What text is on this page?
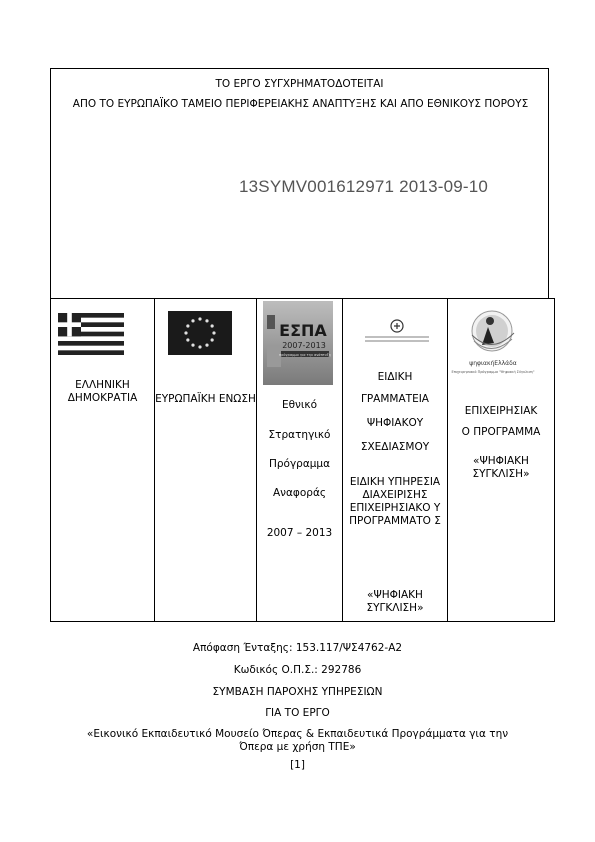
ΤΟ ΕΡΓΟ ΣΥΓΧΡΗΜΑΤΟΔΟΤΕΙΤΑΙ
ΑΠΟ ΤΟ ΕΥΡΩΠΑΪΚΟ ΤΑΜΕΙΟ ΠΕΡΙΦΕΡΕΙΑΚΗΣ ΑΝΑΠΤΥΞΗΣ ΚΑΙ ΑΠΟ ΕΘΝΙΚΟΥΣ ΠΟΡΟΥΣ
13SYMV001612971 2013-09-10
ΕΛΛΗΝΙΚΗ ΔΗΜΟΚΡΑΤΙΑ	ΕΥΡΩΠΑΪΚΗ ΕΝΩΣΗ
ΕΣΠΑ
2007-2013
πρόγραμμα για την ανάπτυξη
Εθνικό
Στρατηγικό
Πρόγραμμα
Αναφοράς
2007 – 2013
ΕΙΔΙΚΗ
ΓΡΑΜΜΑΤΕΙΑ
ΨΗΦΙΑΚΟΥ
ΣΧΕΔΙΑΣΜΟΥ
ΕΙΔΙΚΗ ΥΠΗΡΕΣΙΑ ΔΙΑΧΕΙΡΙΣΗΣ ΕΠΙΧΕΙΡΗΣΙΑΚΟ Υ ΠΡΟΓΡΑΜΜΑΤΟ Σ
«ΨΗΦΙΑΚΗ ΣΥΓΚΛΙΣΗ»
ψηφιακήΕλλάδα
Επιχειρησιακό Πρόγραμμα "Ψηφιακή Σύγκλιση"
ΕΠΙΧΕΙΡΗΣΙΑΚ
Ο ΠΡΟΓΡΑΜΜΑ
«ΨΗΦΙΑΚΗ ΣΥΓΚΛΙΣΗ»
Απόφαση Ένταξης: 153.117/ΨΣ4762-Α2
Κωδικός Ο.Π.Σ.: 292786
ΣΥΜΒΑΣΗ ΠΑΡΟΧΗΣ ΥΠΗΡΕΣΙΩΝ
ΓΙΑ ΤΟ ΕΡΓΟ
«Εικονικό Εκπαιδευτικό Μουσείο Όπερας & Εκπαιδευτικά Προγράμματα για την Όπερα με χρήση ΤΠΕ»
[1]
